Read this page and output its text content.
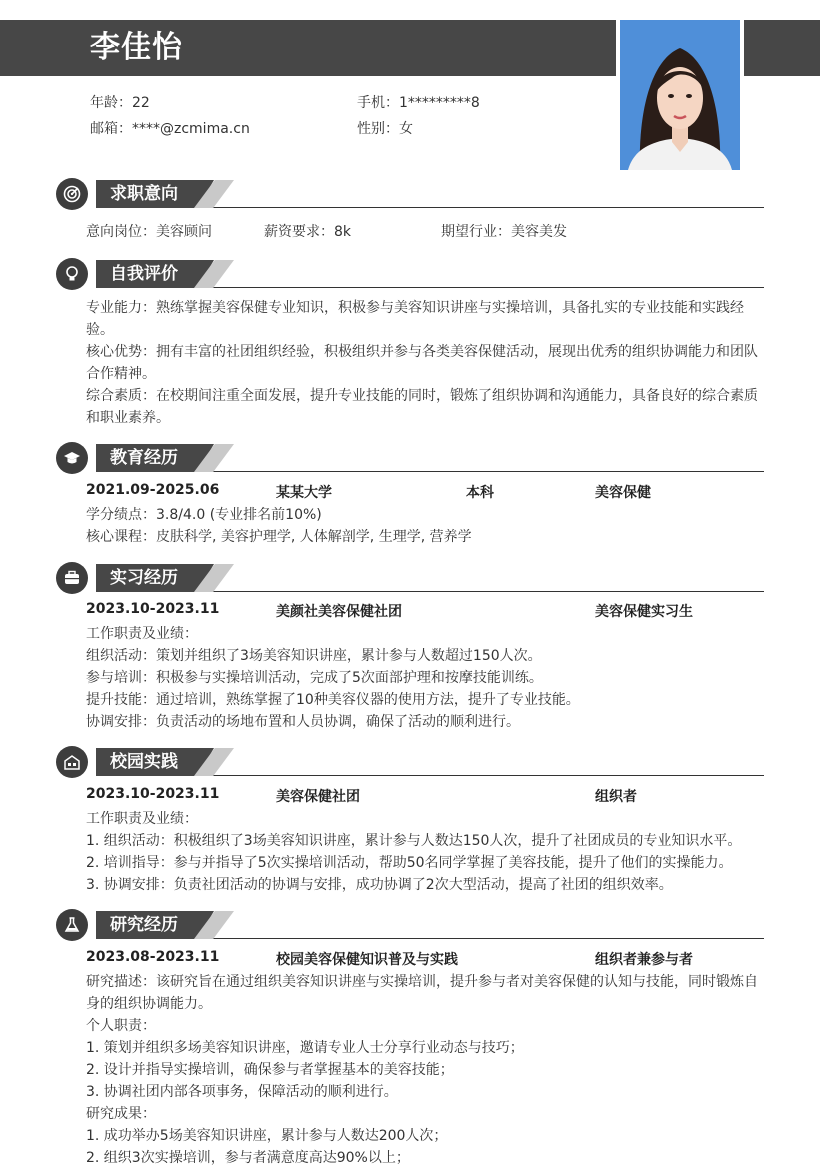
李佳怡
年龄：22	手机：1*********8
邮箱：****@zcmima.cn	性别：女
求职意向
意向岗位：美容顾问	薪资要求：8k	期望行业：美容美发
自我评价
专业能力：熟练掌握美容保健专业知识，积极参与美容知识讲座与实操培训，具备扎实的专业技能和实践经
验。
核心优势：拥有丰富的社团组织经验，积极组织并参与各类美容保健活动，展现出优秀的组织协调能力和团队
合作精神。
综合素质：在校期间注重全面发展，提升专业技能的同时，锻炼了组织协调和沟通能力，具备良好的综合素质
和职业素养。
教育经历
2021.09-2025.06	某某大学	本科	美容保健
学分绩点：3.8/4.0 (专业排名前10%)
核心课程：皮肤科学, 美容护理学, 人体解剖学, 生理学, 营养学
实习经历
2023.10-2023.11	美颜社美容保健社团	美容保健实习生
工作职责及业绩：
组织活动：策划并组织了3场美容知识讲座，累计参与人数超过150人次。
参与培训：积极参与实操培训活动，完成了5次面部护理和按摩技能训练。
提升技能：通过培训，熟练掌握了10种美容仪器的使用方法，提升了专业技能。
协调安排：负责活动的场地布置和人员协调，确保了活动的顺利进行。
校园实践
2023.10-2023.11	美容保健社团	组织者
工作职责及业绩：
1. 组织活动：积极组织了3场美容知识讲座，累计参与人数达150人次，提升了社团成员的专业知识水平。
2. 培训指导：参与并指导了5次实操培训活动，帮助50名同学掌握了美容技能，提升了他们的实操能力。
3. 协调安排：负责社团活动的协调与安排，成功协调了2次大型活动，提高了社团的组织效率。
研究经历
2023.08-2023.11	校园美容保健知识普及与实践	组织者兼参与者
研究描述：该研究旨在通过组织美容知识讲座与实操培训，提升参与者对美容保健的认知与技能，同时锻炼自
身的组织协调能力。
个人职责：
1. 策划并组织多场美容知识讲座，邀请专业人士分享行业动态与技巧；
2. 设计并指导实操培训，确保参与者掌握基本的美容技能；
3. 协调社团内部各项事务，保障活动的顺利进行。
研究成果：
1. 成功举办5场美容知识讲座，累计参与人数达200人次；
2. 组织3次实操培训，参与者满意度高达90%以上；
